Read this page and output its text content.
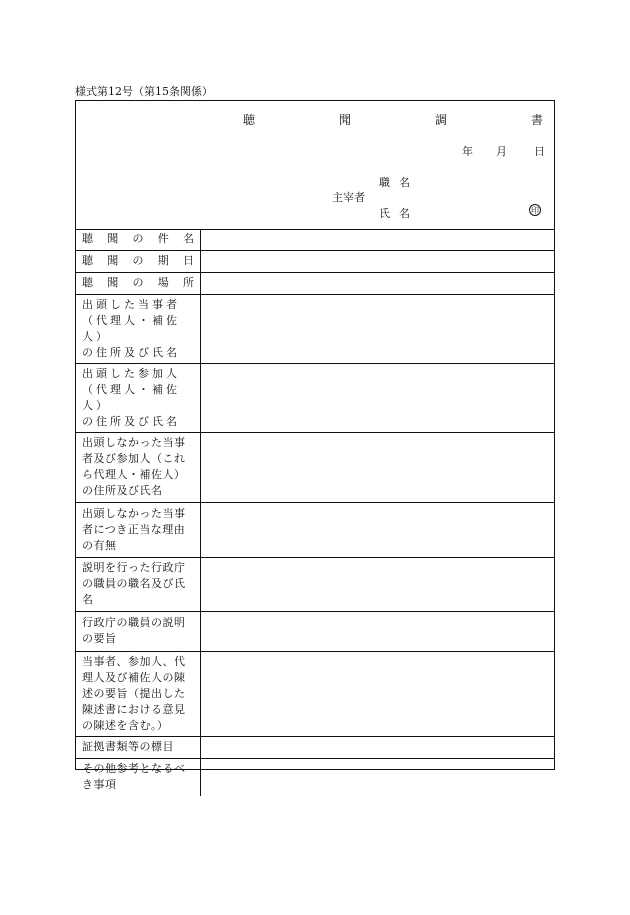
様式第12号（第15条関係）
聴　聞　調　書
年 月 日
主宰者
職名
氏名	印
聴 聞 の 件 名	

聴 聞 の 期 日	

聴 聞 の 場 所	

出頭した当事者
（代理人・補佐人）
の住所及び氏名	

出頭した参加人
（代理人・補佐人）
の住所及び氏名	

出頭しなかった当事
者及び参加人（これ
ら代理人・補佐人）
の住所及び氏名	

出頭しなかった当事
者につき正当な理由
の有無	

説明を行った行政庁
の職員の職名及び氏
名	

行政庁の職員の説明
の要旨	

当事者、参加人、代
理人及び補佐人の陳
述の要旨（提出した
陳述書における意見
の陳述を含む。）	

証拠書類等の標目	

その他参考となるべ
き事項	
